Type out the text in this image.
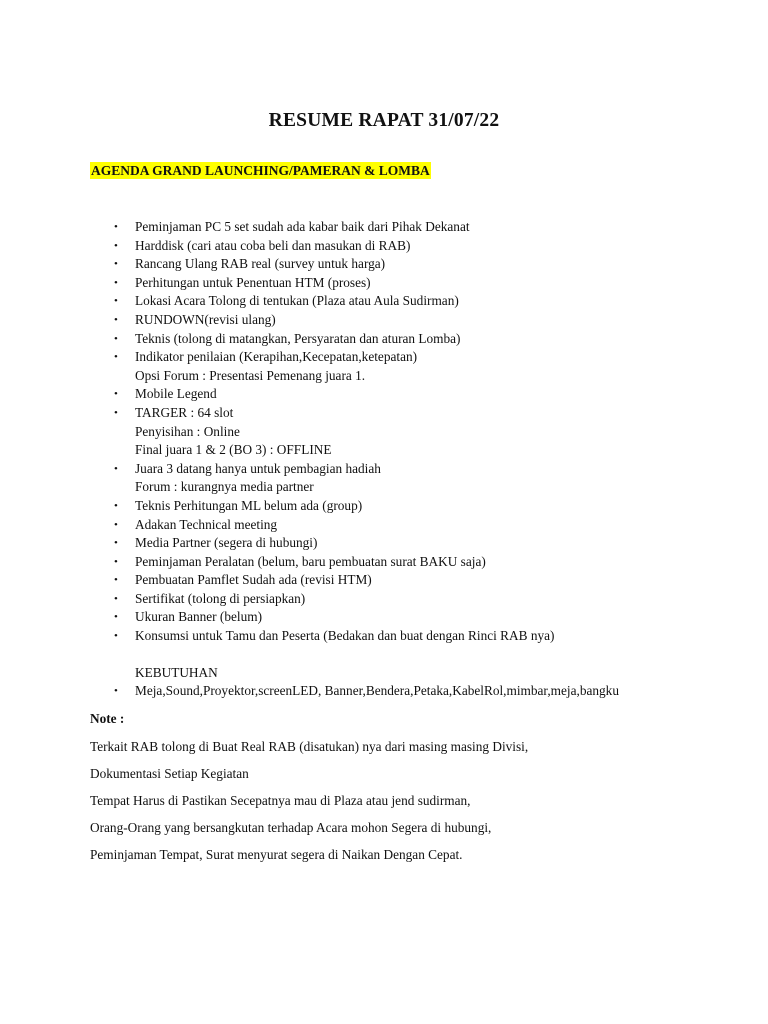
RESUME RAPAT 31/07/22
AGENDA GRAND LAUNCHING/PAMERAN & LOMBA
• Peminjaman PC 5 set sudah ada kabar baik dari Pihak Dekanat
• Harddisk (cari atau coba beli dan masukan di RAB)
• Rancang Ulang RAB real (survey untuk harga)
• Perhitungan untuk Penentuan HTM (proses)
• Lokasi Acara Tolong di tentukan (Plaza atau Aula Sudirman)
• RUNDOWN(revisi ulang)
• Teknis (tolong di matangkan, Persyaratan dan aturan Lomba)
• Indikator penilaian (Kerapihan,Kecepatan,ketepatan)
Opsi Forum : Presentasi Pemenang juara 1.
• Mobile Legend
• TARGER : 64 slot
Penyisihan : Online
Final juara 1 & 2 (BO 3) : OFFLINE
• Juara 3 datang hanya untuk pembagian hadiah
Forum : kurangnya media partner
• Teknis Perhitungan ML belum ada (group)
• Adakan Technical meeting
• Media Partner (segera di hubungi)
• Peminjaman Peralatan (belum, baru pembuatan surat BAKU saja)
• Pembuatan Pamflet Sudah ada (revisi HTM)
• Sertifikat (tolong di persiapkan)
• Ukuran Banner (belum)
• Konsumsi untuk Tamu dan Peserta (Bedakan dan buat dengan Rinci RAB nya)
KEBUTUHAN
• Meja,Sound,Proyektor,screenLED, Banner,Bendera,Petaka,KabelRol,mimbar,meja,bangku
Note :
Terkait RAB tolong di Buat Real RAB (disatukan) nya dari masing masing Divisi,
Dokumentasi Setiap Kegiatan
Tempat Harus di Pastikan Secepatnya mau di Plaza atau jend sudirman,
Orang-Orang yang bersangkutan terhadap Acara mohon Segera di hubungi,
Peminjaman Tempat, Surat menyurat segera di Naikan Dengan Cepat.
